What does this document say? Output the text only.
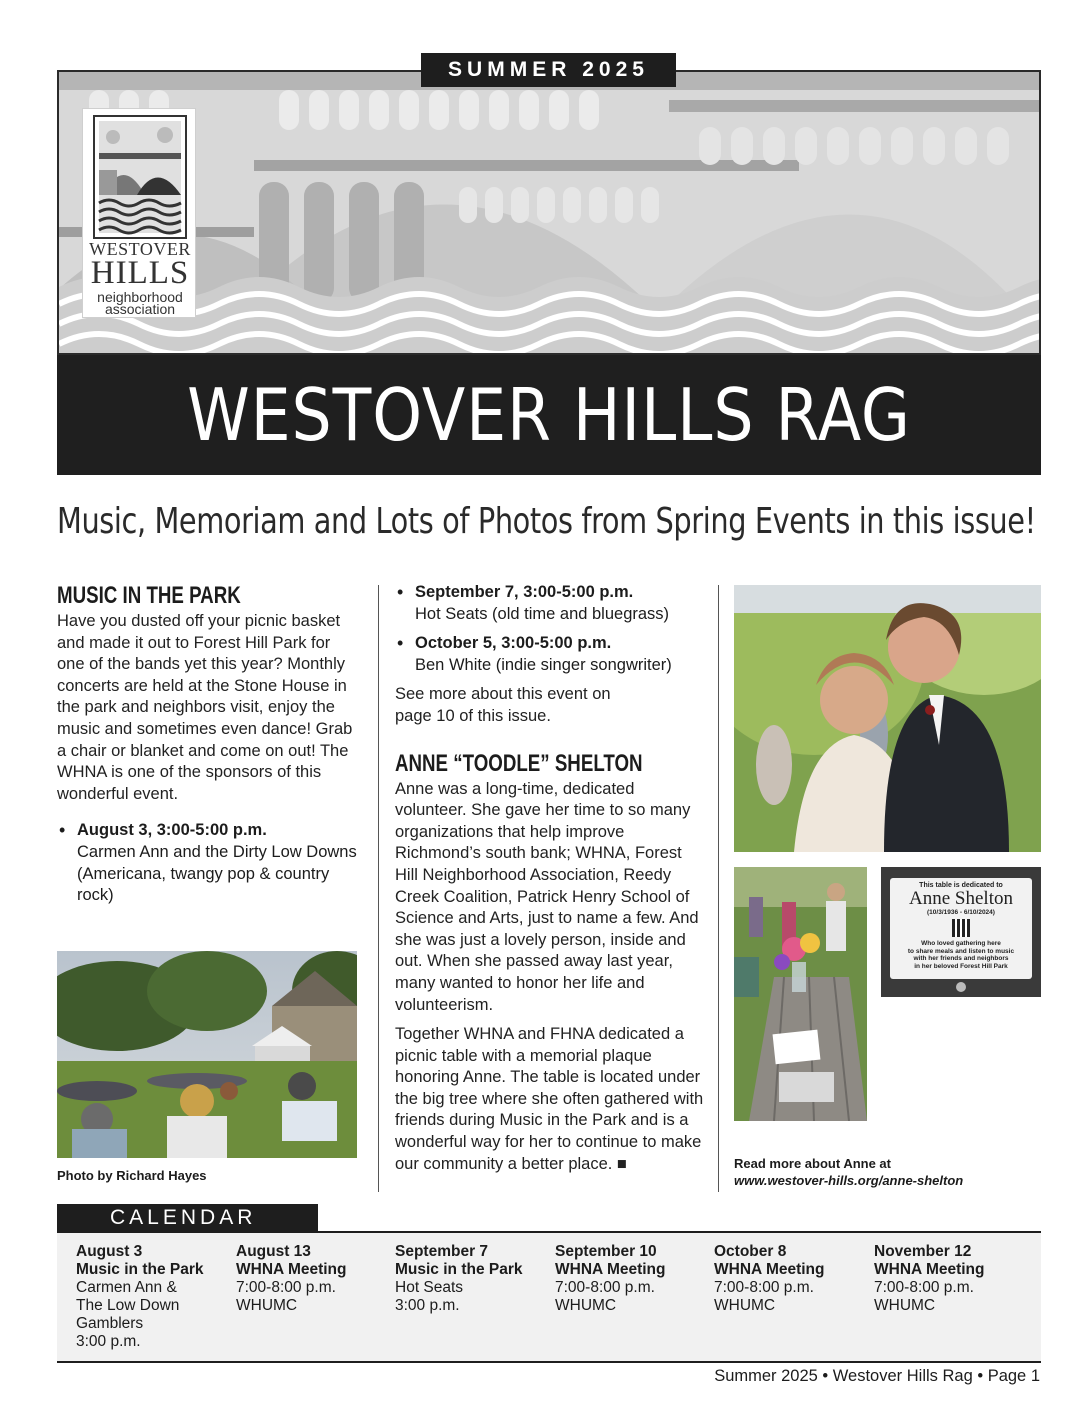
SUMMER 2025
WESTOVER
HILLS
neighborhood
association
WESTOVER HILLS RAG
Music, Memoriam and Lots of Photos from Spring Events in this issue!
MUSIC IN THE PARK
Have you dusted off your picnic basket and made it out to Forest Hill Park for one of the bands yet this year? Monthly concerts are held at the Stone House in the park and neighbors visit, enjoy the music and sometimes even dance! Grab a chair or blanket and come on out! The WHNA is one of the sponsors of this wonderful event.
• August 3, 3:00-5:00 p.m.
Carmen Ann and the Dirty Low Downs (Americana, twangy pop & country rock)
Photo by Richard Hayes
• September 7, 3:00-5:00 p.m.
Hot Seats (old time and bluegrass)
• October 5, 3:00-5:00 p.m.
Ben White (indie singer songwriter)
See more about this event on page 10 of this issue.
ANNE “TOODLE” SHELTON
Anne was a long-time, dedicated volunteer. She gave her time to so many organizations that help improve Richmond’s south bank; WHNA, Forest Hill Neighborhood Association, Reedy Creek Coalition, Patrick Henry School of Science and Arts, just to name a few. And she was just a lovely person, inside and out. When she passed away last year, many wanted to honor her life and volunteerism.
Together WHNA and FHNA dedicated a picnic table with a memorial plaque honoring Anne. The table is located under the big tree where she often gathered with friends during Music in the Park and is a wonderful way for her to continue to make our community a better place. ■
This table is dedicated to
Anne Shelton
(10/3/1936 - 6/10/2024)
Who loved gathering here
to share meals and listen to music
with her friends and neighbors
in her beloved Forest Hill Park
Read more about Anne at
www.westover-hills.org/anne-shelton
CALENDAR
August 3
Music in the Park
Carmen Ann &
The Low Down
Gamblers
3:00 p.m.
August 13
WHNA Meeting
7:00-8:00 p.m.
WHUMC
September 7
Music in the Park
Hot Seats
3:00 p.m.
September 10
WHNA Meeting
7:00-8:00 p.m.
WHUMC
October 8
WHNA Meeting
7:00-8:00 p.m.
WHUMC
November 12
WHNA Meeting
7:00-8:00 p.m.
WHUMC
Summer 2025 • Westover Hills Rag • Page 1
